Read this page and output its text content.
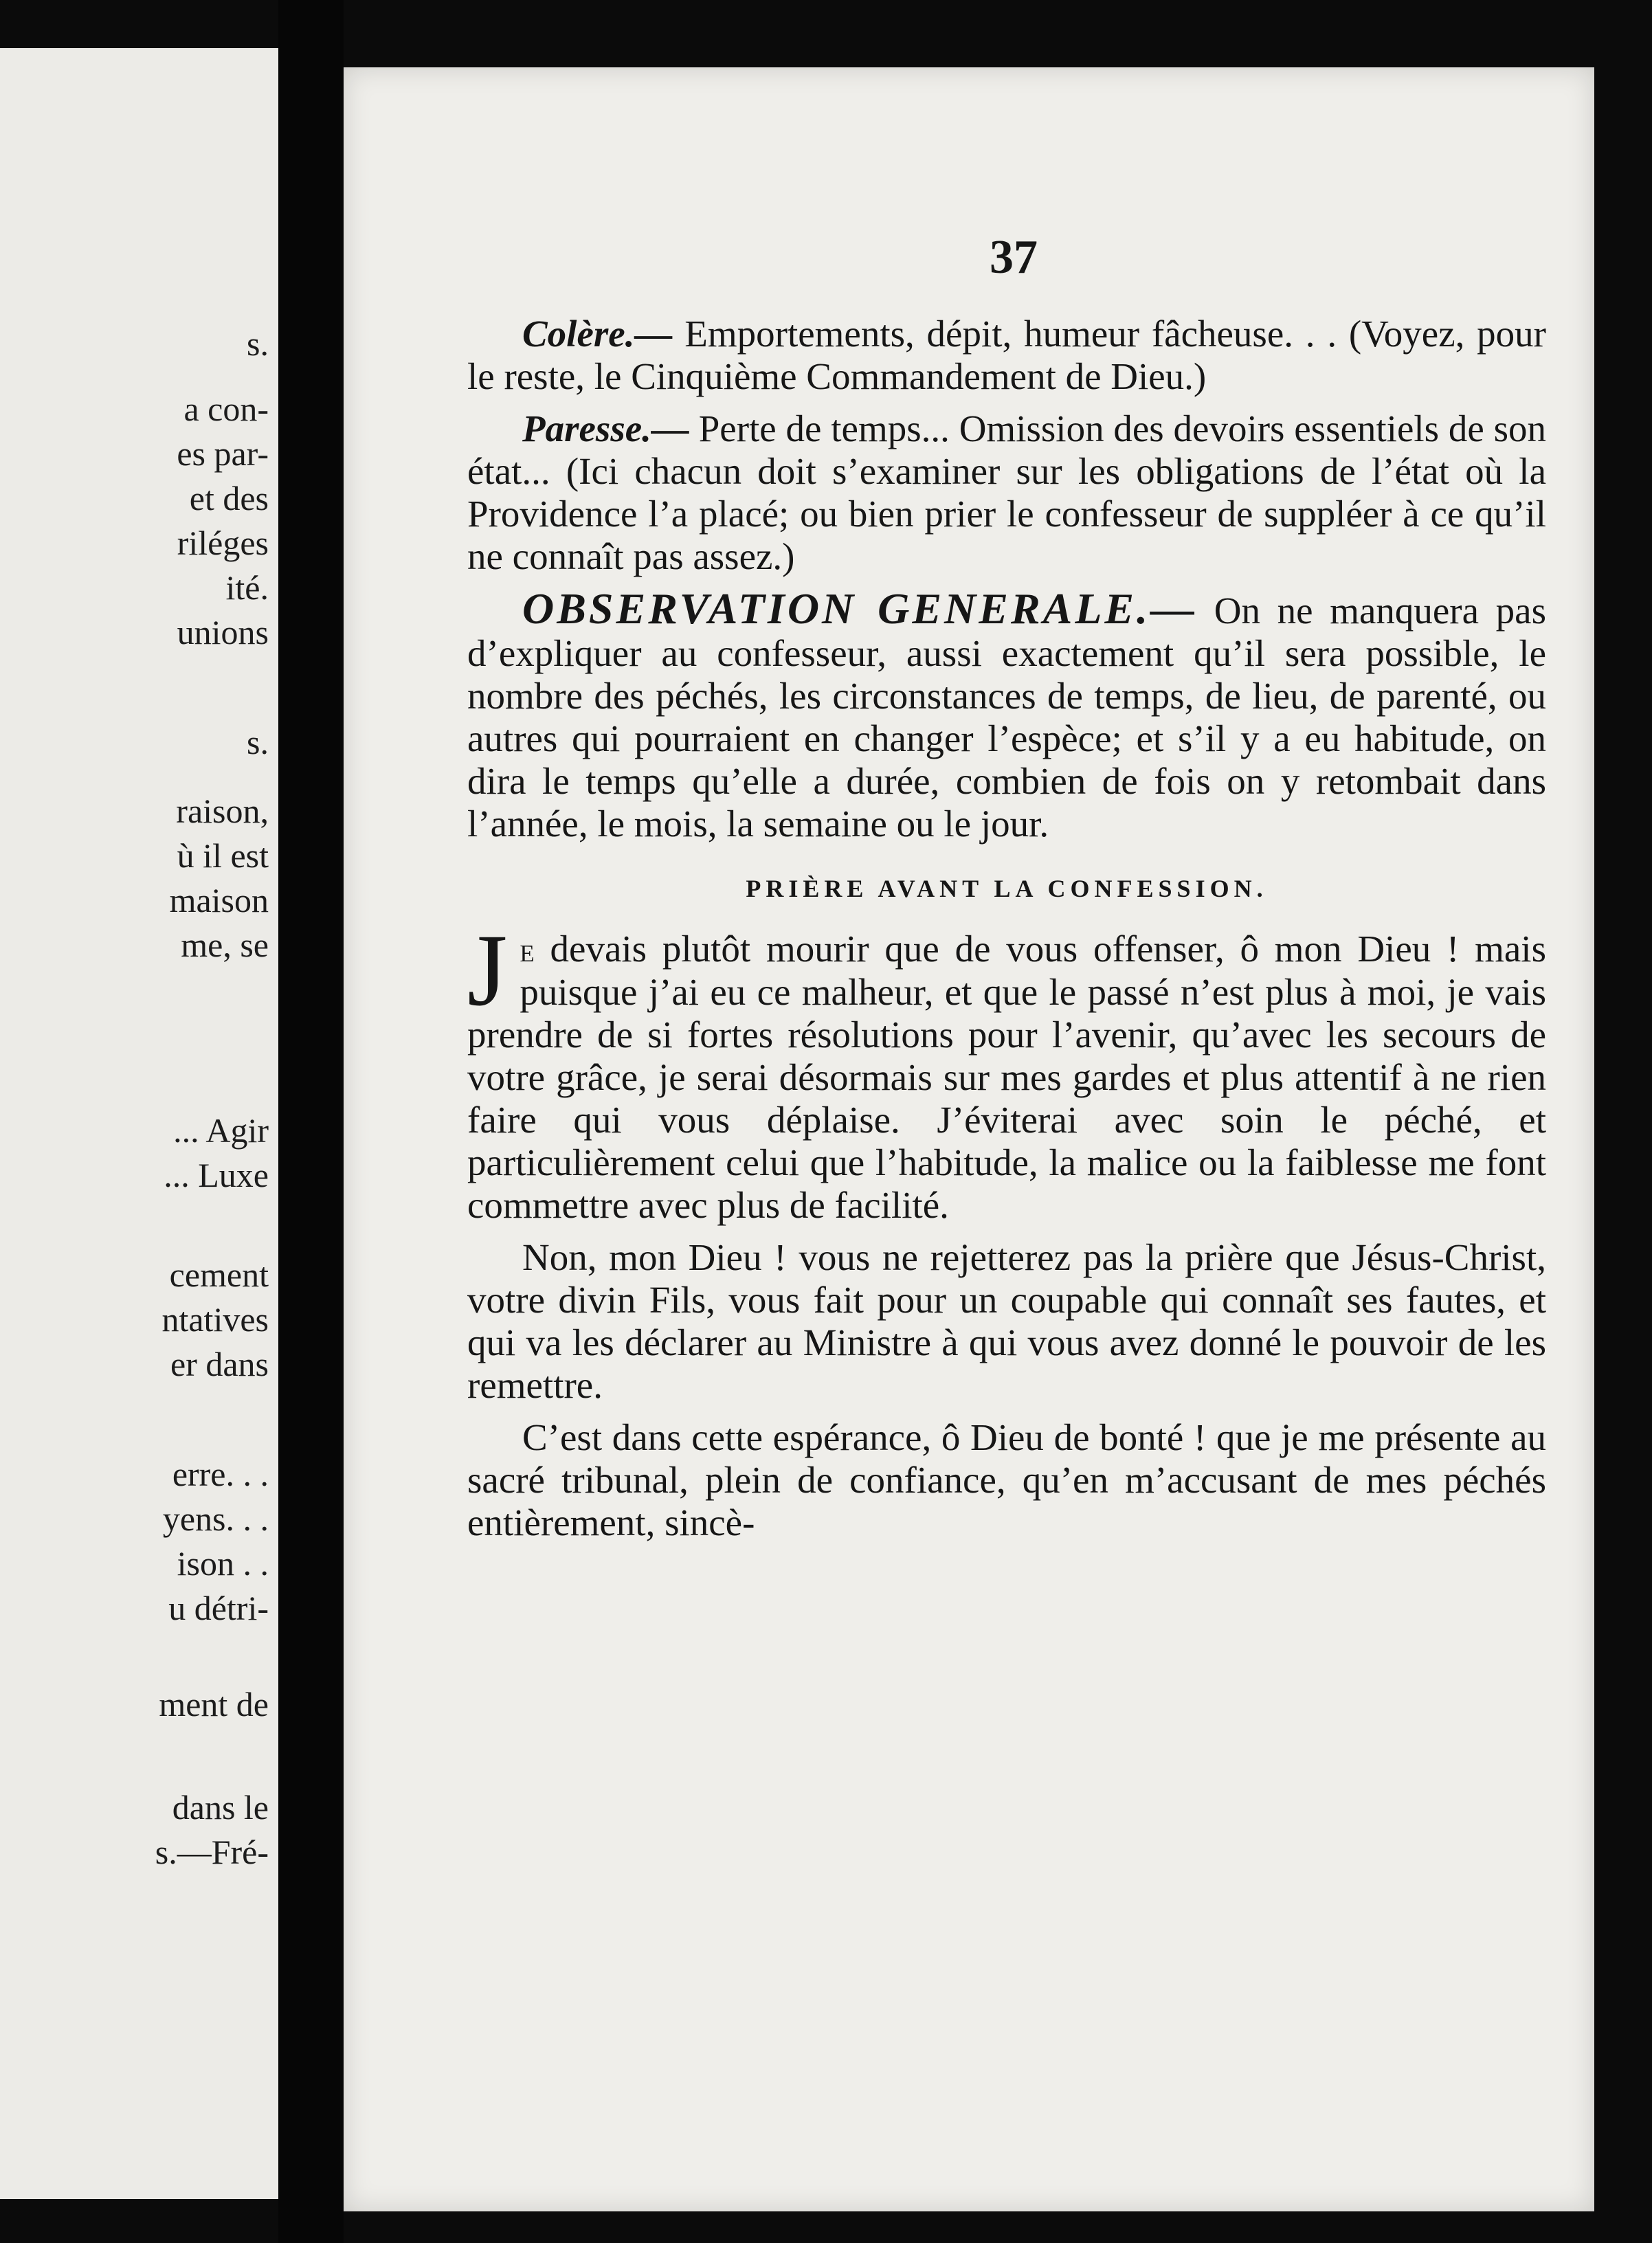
s.
a con-
es par-
et des
riléges
ité.
unions
s.
raison,
ù il est
maison
me, se
... Agir
... Luxe
cement
ntatives
er dans
erre. . .
yens. . .
ison . .
u détri-
ment de
dans le
s.—Fré-
37

Colère.— Emportements, dépit, humeur fâcheuse. . . (Voyez, pour le reste, le Cinquième Commandement de Dieu.)

Paresse.— Perte de temps... Omission des devoirs essentiels de son état... (Ici chacun doit s’examiner sur les obligations de l’état où la Providence l’a placé; ou bien prier le confesseur de suppléer à ce qu’il ne connaît pas assez.)

OBSERVATION GENERALE.— On ne manquera pas d’expliquer au confesseur, aussi exactement qu’il sera possible, le nombre des péchés, les circonstances de temps, de lieu, de parenté, ou autres qui pourraient en changer l’espèce; et s’il y a eu habitude, on dira le temps qu’elle a durée, combien de fois on y retombait dans l’année, le mois, la semaine ou le jour.

PRIÈRE AVANT LA CONFESSION.

Je devais plutôt mourir que de vous offenser, ô mon Dieu ! mais puisque j’ai eu ce malheur, et que le passé n’est plus à moi, je vais prendre de si fortes résolutions pour l’avenir, qu’avec les secours de votre grâce, je serai désormais sur mes gardes et plus attentif à ne rien faire qui vous déplaise. J’éviterai avec soin le péché, et particulièrement celui que l’habitude, la malice ou la faiblesse me font commettre avec plus de facilité.

Non, mon Dieu ! vous ne rejetterez pas la prière que Jésus-Christ, votre divin Fils, vous fait pour un coupable qui connaît ses fautes, et qui va les déclarer au Ministre à qui vous avez donné le pouvoir de les remettre.

C’est dans cette espérance, ô Dieu de bonté ! que je me présente au sacré tribunal, plein de confiance, qu’en m’accusant de mes péchés entièrement, sincè-
